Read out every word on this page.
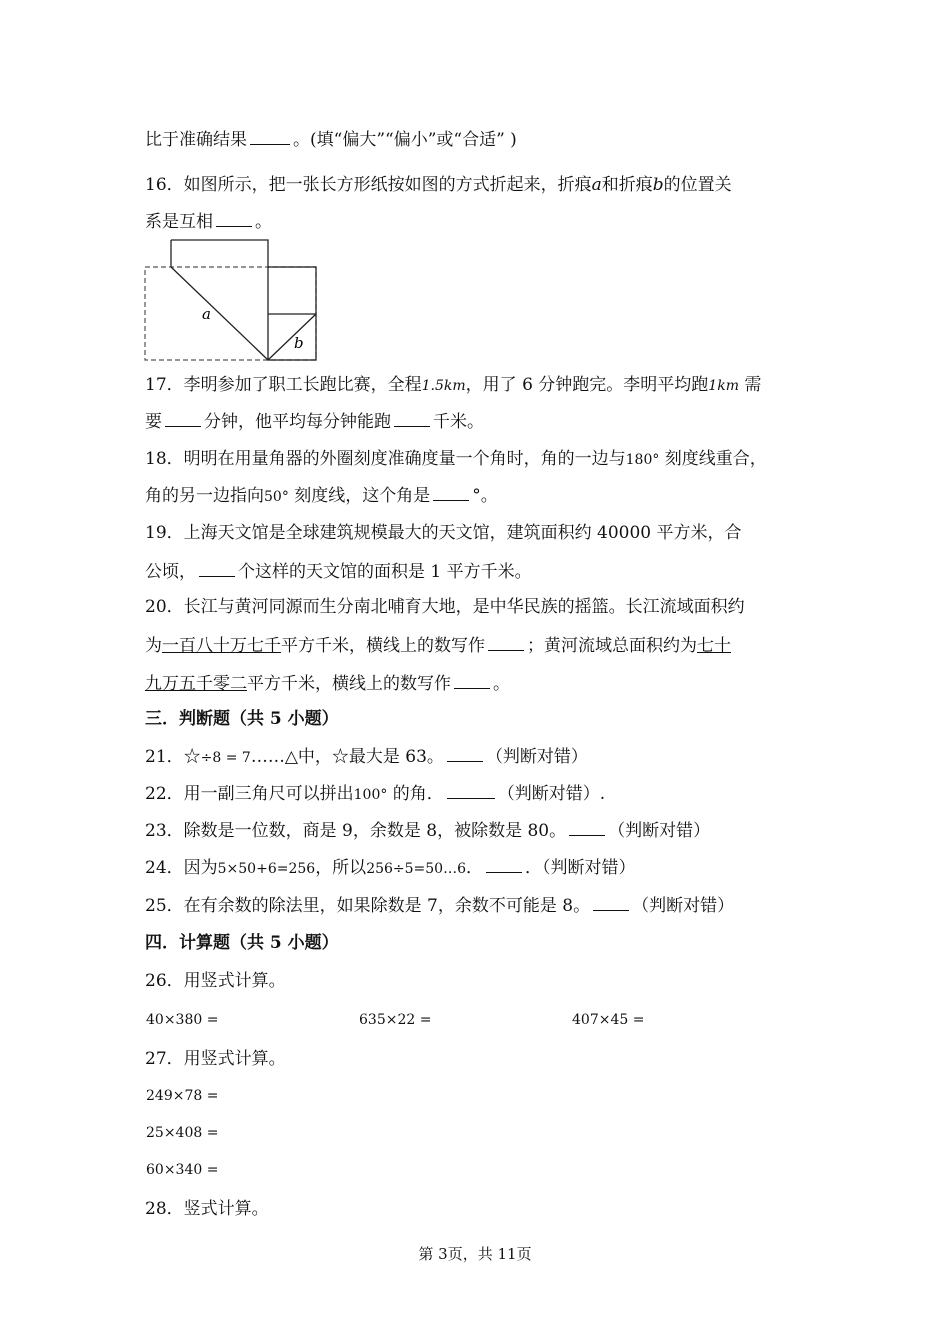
比于准确结果	。(填“偏大”“偏小”或“合适” )
16．如图所示，把一张长方形纸按如图的方式折起来，折痕a和折痕b的位置关
系是互相 。
a
b
17．李明参加了职工长跑比赛，全程1.5km，用了 6 分钟跑完。李明平均跑1km 需
要 分钟，他平均每分钟能跑 千米。
18．明明在用量角器的外圈刻度准确度量一个角时，角的一边与180° 刻度线重合，
角的另一边指向50° 刻度线，这个角是 °。
19．上海天文馆是全球建筑规模最大的天文馆，建筑面积约 40000 平方米，合
公顷， 个这样的天文馆的面积是 1 平方千米。
20．长江与黄河同源而生分南北哺育大地，是中华民族的摇篮。长江流域面积约
为一百八十万七千平方千米，横线上的数写作 ；黄河流域总面积约为七十
九万五千零二平方千米，横线上的数写作 。
三．判断题（共 5 小题）
21．☆÷8 = 7……△中，☆最大是 63。 （判断对错）
22．用一副三角尺可以拼出100° 的角．	（判断对错）.
23．除数是一位数，商是 9，余数是 8，被除数是 80。 （判断对错）
24．因为5×50+6=256，所以256÷5=50…6． ．（判断对错）
25．在有余数的除法里，如果除数是 7，余数不可能是 8。 （判断对错）
四．计算题（共 5 小题）
26．用竖式计算。
40×380 =	635×22 =	407×45 =
27．用竖式计算。
249×78 =
25×408 =
60×340 =
28．竖式计算。
第 3页，共 11页
